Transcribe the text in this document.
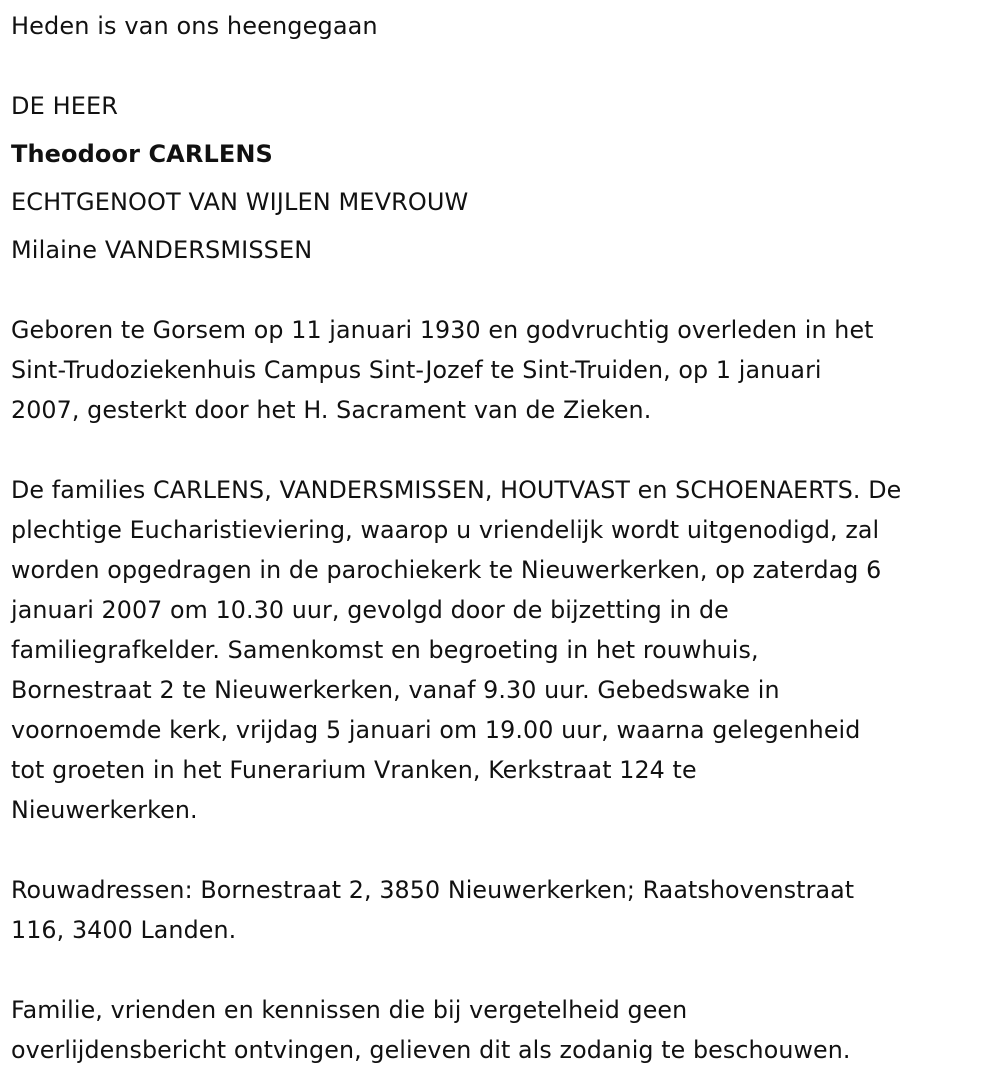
Heden is van ons heengegaan
DE HEER
Theodoor CARLENS
ECHTGENOOT VAN WIJLEN MEVROUW
Milaine VANDERSMISSEN
Geboren te Gorsem op 11 januari 1930 en godvruchtig overleden in het
Sint-Trudoziekenhuis Campus Sint-Jozef te Sint-Truiden, op 1 januari
2007, gesterkt door het H. Sacrament van de Zieken.
De families CARLENS, VANDERSMISSEN, HOUTVAST en SCHOENAERTS. De
plechtige Eucharistieviering, waarop u vriendelijk wordt uitgenodigd, zal
worden opgedragen in de parochiekerk te Nieuwerkerken, op zaterdag 6
januari 2007 om 10.30 uur, gevolgd door de bijzetting in de
familiegrafkelder. Samenkomst en begroeting in het rouwhuis,
Bornestraat 2 te Nieuwerkerken, vanaf 9.30 uur. Gebedswake in
voornoemde kerk, vrijdag 5 januari om 19.00 uur, waarna gelegenheid
tot groeten in het Funerarium Vranken, Kerkstraat 124 te
Nieuwerkerken.
Rouwadressen: Bornestraat 2, 3850 Nieuwerkerken; Raatshovenstraat
116, 3400 Landen.
Familie, vrienden en kennissen die bij vergetelheid geen
overlijdensbericht ontvingen, gelieven dit als zodanig te beschouwen.
